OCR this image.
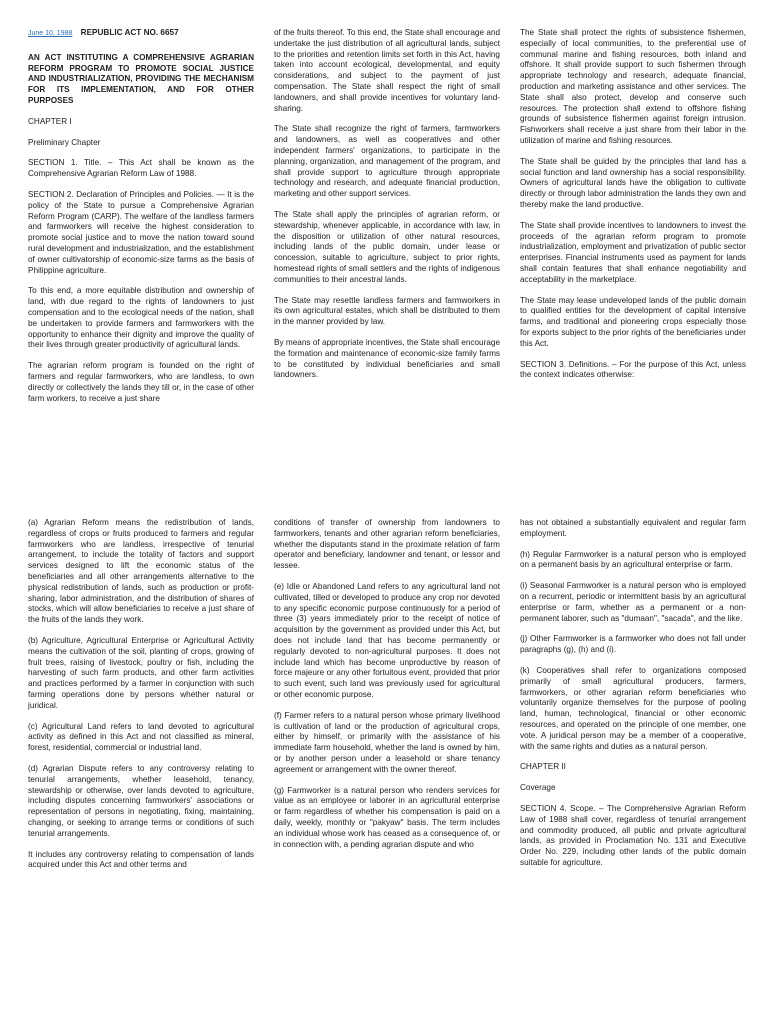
June 10, 1988 REPUBLIC ACT NO. 6657

AN ACT INSTITUTING A COMPREHENSIVE AGRARIAN REFORM PROGRAM TO PROMOTE SOCIAL JUSTICE AND INDUSTRIALIZATION, PROVIDING THE MECHANISM FOR ITS IMPLEMENTATION, AND FOR OTHER PURPOSES

CHAPTER I

Preliminary Chapter

SECTION 1. Title. – This Act shall be known as the Comprehensive Agrarian Reform Law of 1988.

SECTION 2. Declaration of Principles and Policies. — It is the policy of the State to pursue a Comprehensive Agrarian Reform Program (CARP). The welfare of the landless farmers and farmworkers will receive the highest consideration to promote social justice and to move the nation toward sound rural development and industrialization, and the establishment of owner cultivatorship of economic-size farms as the basis of Philippine agriculture.

To this end, a more equitable distribution and ownership of land, with due regard to the rights of landowners to just compensation and to the ecological needs of the nation, shall be undertaken to provide farmers and farmworkers with the opportunity to enhance their dignity and improve the quality of their lives through greater productivity of agricultural lands.

The agrarian reform program is founded on the right of farmers and regular farmworkers, who are landless, to own directly or collectively the lands they till or, in the case of other farm workers, to receive a just share

of the fruits thereof. To this end, the State shall encourage and undertake the just distribution of all agricultural lands, subject to the priorities and retention limits set forth in this Act, having taken into account ecological, developmental, and equity considerations, and subject to the payment of just compensation. The State shall respect the right of small landowners, and shall provide incentives for voluntary land-sharing.

The State shall recognize the right of farmers, farmworkers and landowners, as well as cooperatives and other independent farmers' organizations, to participate in the planning, organization, and management of the program, and shall provide support to agriculture through appropriate technology and research, and adequate financial production, marketing and other support services.

The State shall apply the principles of agrarian reform, or stewardship, whenever applicable, in accordance with law, in the disposition or utilization of other natural resources, including lands of the public domain, under lease or concession, suitable to agriculture, subject to prior rights, homestead rights of small settlers and the rights of indigenous communities to their ancestral lands.

The State may resettle landless farmers and farmworkers in its own agricultural estates, which shall be distributed to them in the manner provided by law.

By means of appropriate incentives, the State shall encourage the formation and maintenance of economic-size family farms to be constituted by individual beneficiaries and small landowners.

The State shall protect the rights of subsistence fishermen, especially of local communities, to the preferential use of communal marine and fishing resources, both inland and offshore. It shall provide support to such fishermen through appropriate technology and research, adequate financial, production and marketing assistance and other services. The State shall also protect, develop and conserve such resources. The protection shall extend to offshore fishing grounds of subsistence fishermen against foreign intrusion. Fishworkers shall receive a just share from their labor in the utilization of marine and fishing resources.

The State shall be guided by the principles that land has a social function and land ownership has a social responsibility. Owners of agricultural lands have the obligation to cultivate directly or through labor administration the lands they own and thereby make the land productive.

The State shall provide incentives to landowners to invest the proceeds of the agrarian reform program to promote industrialization, employment and privatization of public sector enterprises. Financial instruments used as payment for lands shall contain features that shall enhance negotiability and acceptability in the marketplace.

The State may lease undeveloped lands of the public domain to qualified entities for the development of capital intensive farms, and traditional and pioneering crops especially those for exports subject to the prior rights of the beneficiaries under this Act.

SECTION 3. Definitions. – For the purpose of this Act, unless the context indicates otherwise:

(a) Agrarian Reform means the redistribution of lands, regardless of crops or fruits produced to farmers and regular farmworkers who are landless, irrespective of tenurial arrangement, to include the totality of factors and support services designed to lift the economic status of the beneficiaries and all other arrangements alternative to the physical redistribution of lands, such as production or profit-sharing, labor administration, and the distribution of shares of stocks, which will allow beneficiaries to receive a just share of the fruits of the lands they work.

(b) Agriculture, Agricultural Enterprise or Agricultural Activity means the cultivation of the soil, planting of crops, growing of fruit trees, raising of livestock, poultry or fish, including the harvesting of such farm products, and other farm activities and practices performed by a farmer in conjunction with such farming operations done by persons whether natural or juridical.

(c) Agricultural Land refers to land devoted to agricultural activity as defined in this Act and not classified as mineral, forest, residential, commercial or industrial land.

(d) Agrarian Dispute refers to any controversy relating to tenurial arrangements, whether leasehold, tenancy, stewardship or otherwise, over lands devoted to agriculture, including disputes concerning farmworkers' associations or representation of persons in negotiating, fixing, maintaining, changing, or seeking to arrange terms or conditions of such tenurial arrangements.

It includes any controversy relating to compensation of lands acquired under this Act and other terms and

conditions of transfer of ownership from landowners to farmworkers, tenants and other agrarian reform beneficiaries, whether the disputants stand in the proximate relation of farm operator and beneficiary, landowner and tenant, or lessor and lessee.

(e) Idle or Abandoned Land refers to any agricultural land not cultivated, tilled or developed to produce any crop nor devoted to any specific economic purpose continuously for a period of three (3) years immediately prior to the receipt of notice of acquisition by the government as provided under this Act, but does not include land that has become permanently or regularly devoted to non-agricultural purposes. It does not include land which has become unproductive by reason of force majeure or any other fortuitous event, provided that prior to such event, such land was previously used for agricultural or other economic purpose.

(f) Farmer refers to a natural person whose primary livelihood is cultivation of land or the production of agricultural crops, either by himself, or primarily with the assistance of his immediate farm household, whether the land is owned by him, or by another person under a leasehold or share tenancy agreement or arrangement with the owner thereof.

(g) Farmworker is a natural person who renders services for value as an employee or laborer in an agricultural enterprise or farm regardless of whether his compensation is paid on a daily, weekly, monthly or "pakyaw" basis. The term includes an individual whose work has ceased as a consequence of, or in connection with, a pending agrarian dispute and who

has not obtained a substantially equivalent and regular farm employment.

(h) Regular Farmworker is a natural person who is employed on a permanent basis by an agricultural enterprise or farm.

(i) Seasonal Farmworker is a natural person who is employed on a recurrent, periodic or intermittent basis by an agricultural enterprise or farm, whether as a permanent or a non-permanent laborer, such as "dumaan", "sacada", and the like.

(j) Other Farmworker is a farmworker who does not fall under paragraphs (g), (h) and (i).

(k) Cooperatives shall refer to organizations composed primarily of small agricultural producers, farmers, farmworkers, or other agrarian reform beneficiaries who voluntarily organize themselves for the purpose of pooling land, human, technological, financial or other economic resources, and operated on the principle of one member, one vote. A juridical person may be a member of a cooperative, with the same rights and duties as a natural person.

CHAPTER II

Coverage

SECTION 4. Scope. – The Comprehensive Agrarian Reform Law of 1988 shall cover, regardless of tenurial arrangement and commodity produced, all public and private agricultural lands, as provided in Proclamation No. 131 and Executive Order No. 229, including other lands of the public domain suitable for agriculture.
